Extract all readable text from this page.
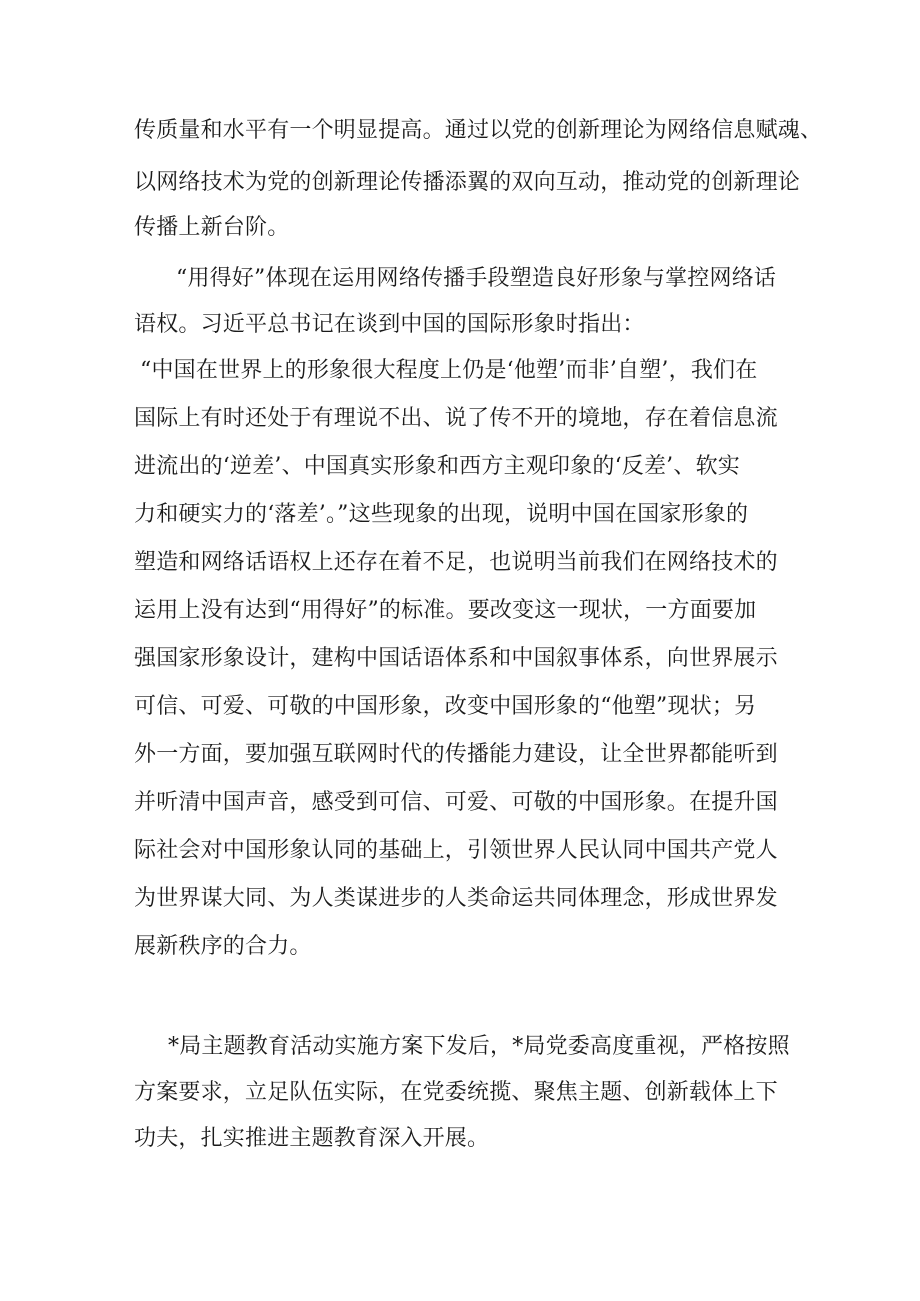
传质量和水平有一个明显提高。通过以党的创新理论为网络信息赋魂、
以网络技术为党的创新理论传播添翼的双向互动，推动党的创新理论
传播上新台阶。
“用得好”体现在运用网络传播手段塑造良好形象与掌控网络话
语权。习近平总书记在谈到中国的国际形象时指出：
“中国在世界上的形象很大程度上仍是‘他塑’而非’自塑’，我们在
国际上有时还处于有理说不出、说了传不开的境地，存在着信息流
进流出的‘逆差’、中国真实形象和西方主观印象的‘反差’、软实
力和硬实力的‘落差’。”这些现象的出现，说明中国在国家形象的
塑造和网络话语权上还存在着不足，也说明当前我们在网络技术的
运用上没有达到“用得好”的标准。要改变这一现状，一方面要加
强国家形象设计，建构中国话语体系和中国叙事体系，向世界展示
可信、可爱、可敬的中国形象，改变中国形象的“他塑”现状；另
外一方面，要加强互联网时代的传播能力建设，让全世界都能听到
并听清中国声音，感受到可信、可爱、可敬的中国形象。在提升国
际社会对中国形象认同的基础上，引领世界人民认同中国共产党人
为世界谋大同、为人类谋进步的人类命运共同体理念，形成世界发
展新秩序的合力。
*局主题教育活动实施方案下发后，*局党委高度重视，严格按照
方案要求，立足队伍实际，在党委统揽、聚焦主题、创新载体上下
功夫，扎实推进主题教育深入开展。
